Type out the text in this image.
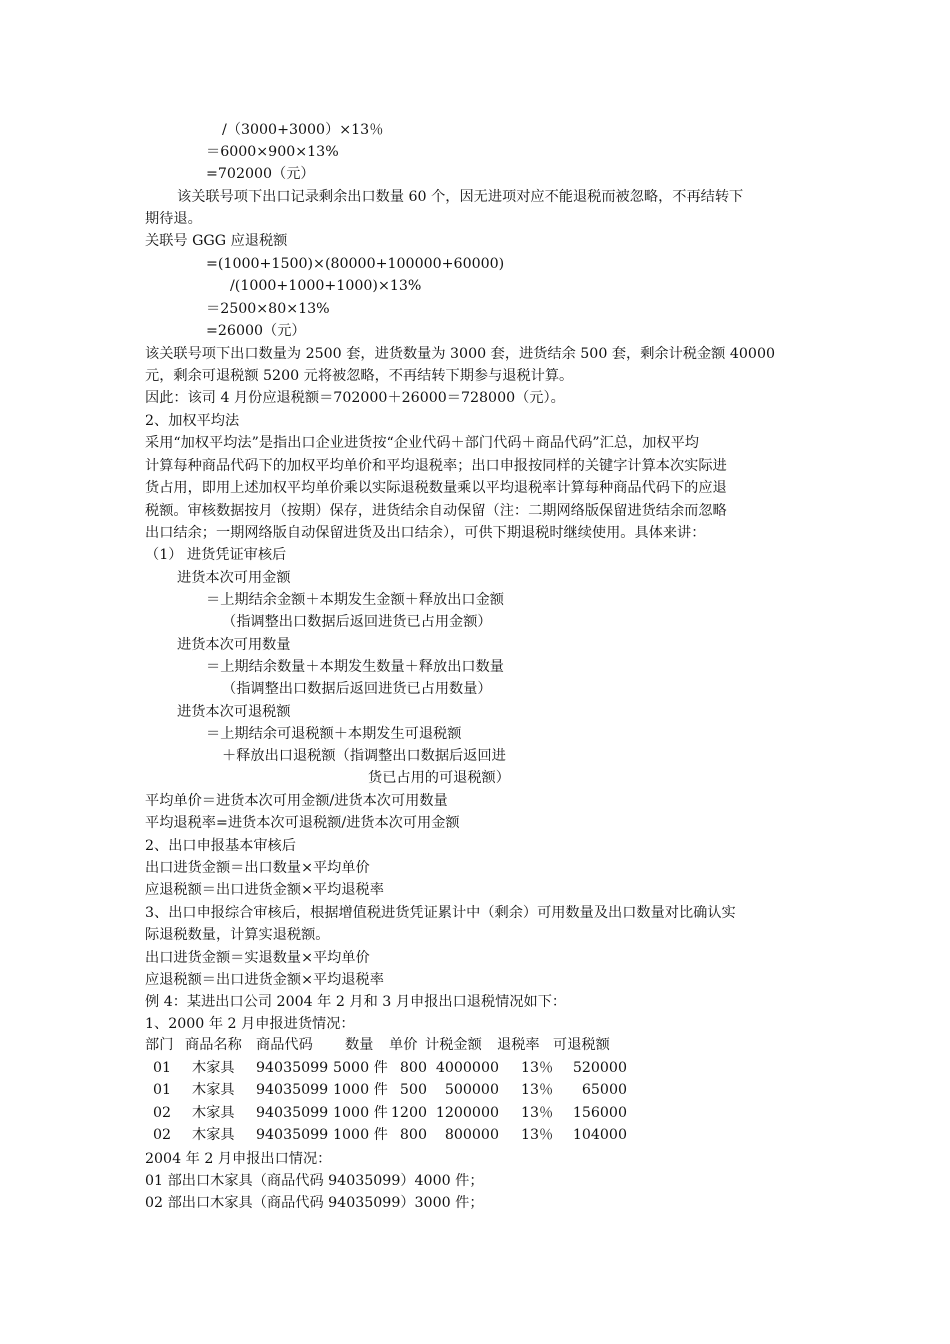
/（3000+3000）×13％
＝6000×900×13%
=702000（元）
该关联号项下出口记录剩余出口数量 60 个，因无进项对应不能退税而被忽略，不再结转下
期待退。
关联号 GGG 应退税额
=(1000+1500)×(80000+100000+60000)
/(1000+1000+1000)×13%
＝2500×80×13%
=26000（元）
该关联号项下出口数量为 2500 套，进货数量为 3000 套，进货结余 500 套，剩余计税金额 40000
元，剩余可退税额 5200 元将被忽略，不再结转下期参与退税计算。
因此：该司 4 月份应退税额＝702000＋26000＝728000（元）。
2、加权平均法
采用“加权平均法”是指出口企业进货按“企业代码＋部门代码＋商品代码”汇总，加权平均
计算每种商品代码下的加权平均单价和平均退税率；出口申报按同样的关键字计算本次实际进
货占用，即用上述加权平均单价乘以实际退税数量乘以平均退税率计算每种商品代码下的应退
税额。审核数据按月（按期）保存，进货结余自动保留（注：二期网络版保留进货结余而忽略
出口结余；一期网络版自动保留进货及出口结余），可供下期退税时继续使用。具体来讲：
（1） 进货凭证审核后
进货本次可用金额
＝上期结余金额＋本期发生金额＋释放出口金额
（指调整出口数据后返回进货已占用金额）
进货本次可用数量
＝上期结余数量＋本期发生数量＋释放出口数量
（指调整出口数据后返回进货已占用数量）
进货本次可退税额
＝上期结余可退税额＋本期发生可退税额
＋释放出口退税额（指调整出口数据后返回进
货已占用的可退税额）
平均单价＝进货本次可用金额/进货本次可用数量
平均退税率=进货本次可退税额/进货本次可用金额
2、出口申报基本审核后
出口进货金额＝出口数量×平均单价
应退税额＝出口进货金额×平均退税率
3、出口申报综合审核后，根据增值税进货凭证累计中（剩余）可用数量及出口数量对比确认实
际退税数量，计算实退税额。
出口进货金额＝实退数量×平均单价
应退税额＝出口进货金额×平均退税率
例 4：某进出口公司 2004 年 2 月和 3 月申报出口退税情况如下：
1、2000 年 2 月申报进货情况：
部门 商品名称 商品代码 数量 单价 计税金额 退税率 可退税额
01 木家具 94035099 5000 件 800 4000000 13％	520000
01 木家具 94035099 1000 件 500	500000 13％	65000
02 木家具 94035099 1000 件 1200 1200000 13％	156000
02 木家具 94035099 1000 件 800	800000 13％	104000
2004 年 2 月申报出口情况：
01 部出口木家具（商品代码 94035099）4000 件；
02 部出口木家具（商品代码 94035099）3000 件；
